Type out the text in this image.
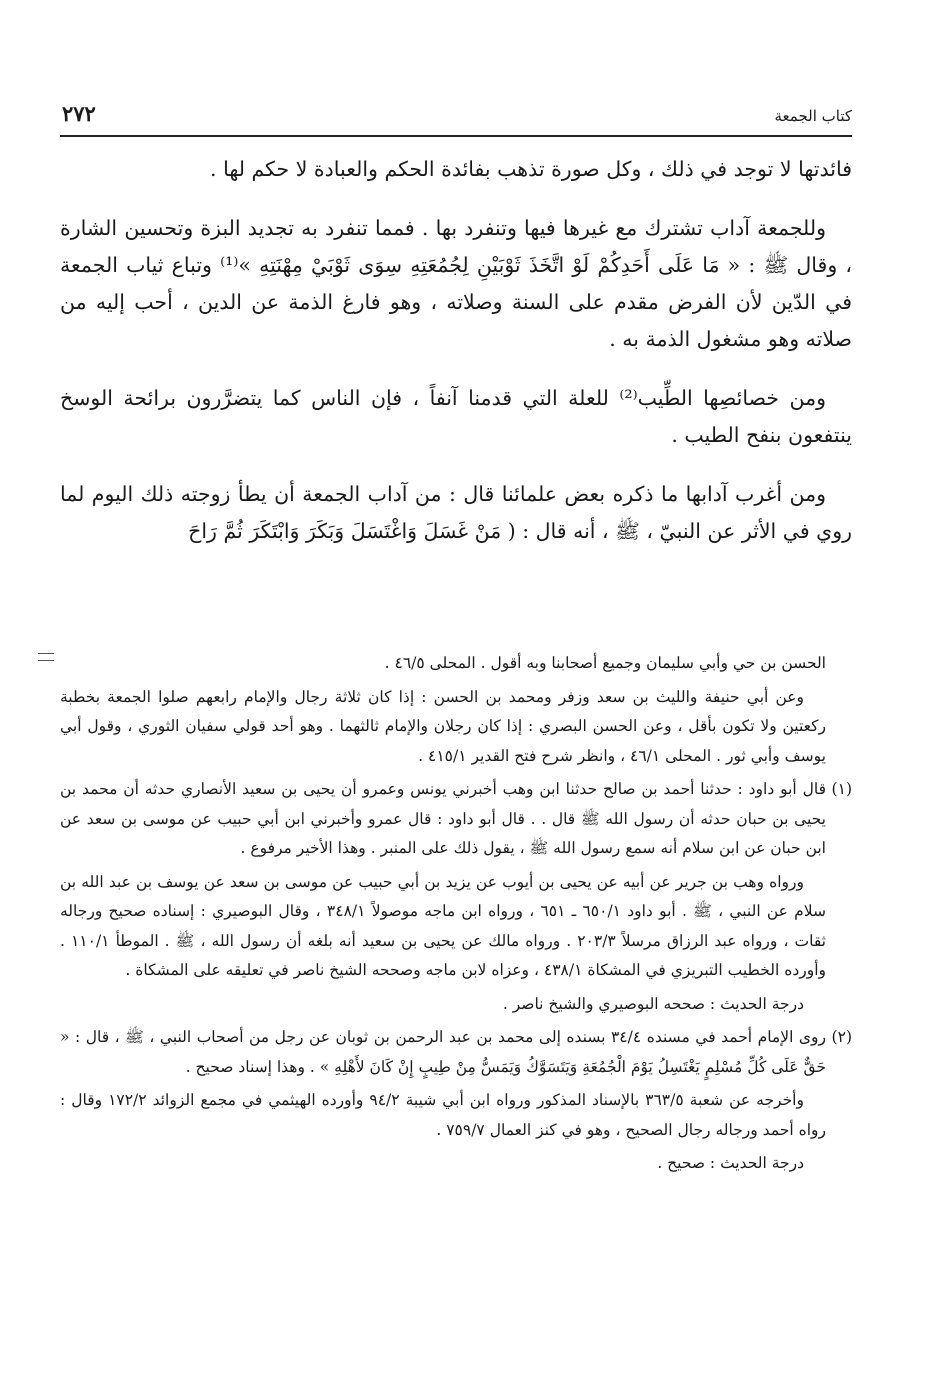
كتاب الجمعة
٢٧٢

فائدتها لا توجد في ذلك ، وكل صورة تذهب بفائدة الحكم والعبادة لا حكم لها .

وللجمعة آداب تشترك مع غيرها فيها وتنفرد بها . فمما تنفرد به تجديد البزة وتحسين الشارة ، وقال ﷺ : « مَا عَلَى أَحَدِكُمْ لَوْ اتَّخَذَ ثَوْبَيْنِ لِجُمُعَتِهِ سِوَى ثَوْبَيْ مِهْنَتِهِ »⁽¹⁾ وتباع ثياب الجمعة في الدّين لأن الفرض مقدم على السنة وصلاته ، وهو فارغ الذمة عن الدين ، أحب إليه من صلاته وهو مشغول الذمة به .

ومن خصائصِها الطِّيب⁽²⁾ للعلة التي قدمنا آنفاً ، فإن الناس كما يتضرَّرون برائحة الوسخ ينتفعون بنفح الطيب .

ومن أغرب آدابها ما ذكره بعض علمائنا قال : من آداب الجمعة أن يطأ زوجته ذلك اليوم لما روي في الأثر عن النبيّ ، ﷺ ، أنه قال : ( مَنْ غَسَلَ وَاغْتَسَلَ وَبَكَرَ وَابْتَكَرَ ثُمَّ رَاحَ

الحسن بن حي وأبي سليمان وجميع أصحابنا وبه أقول . المحلى ٤٦/٥ .

وعن أبي حنيفة والليث بن سعد وزفر ومحمد بن الحسن : إذا كان ثلاثة رجال والإمام رابعهم صلوا الجمعة بخطبة ركعتين ولا تكون بأقل ، وعن الحسن البصري : إذا كان رجلان والإمام ثالثهما . وهو أحد قولي سفيان الثوري ، وقول أبي يوسف وأبي ثور . المحلى ٤٦/١ ، وانظر شرح فتح القدير ٤١٥/١ .

(١)قال أبو داود : حدثنا أحمد بن صالح حدثنا ابن وهب أخبرني يونس وعمرو أن يحيى بن سعيد الأنصاري حدثه أن محمد بن يحيى بن حبان حدثه أن رسول الله ﷺ قال . . قال أبو داود : قال عمرو وأخبرني ابن أبي حبيب عن موسى بن سعد عن ابن حبان عن ابن سلام أنه سمع رسول الله ﷺ ، يقول ذلك على المنبر . وهذا الأخير مرفوع .

ورواه وهب بن جرير عن أبيه عن يحيى بن أيوب عن يزيد بن أبي حبيب عن موسى بن سعد عن يوسف بن عبد الله بن سلام عن النبي ، ﷺ . أبو داود ٦٥٠/١ ـ ٦٥١ ، ورواه ابن ماجه موصولاً ٣٤٨/١ ، وقال البوصيري : إسناده صحيح ورجاله ثقات ، ورواه عبد الرزاق مرسلاً ٢٠٣/٣ . ورواه مالك عن يحيى بن سعيد أنه بلغه أن رسول الله ، ﷺ . الموطأ ١١٠/١ . وأورده الخطيب التبريزي في المشكاة ٤٣٨/١ ، وعزاه لابن ماجه وصححه الشيخ ناصر في تعليقه على المشكاة .

درجة الحديث : صححه البوصيري والشيخ ناصر .

(٢)روى الإمام أحمد في مسنده ٣٤/٤ بسنده إلى محمد بن عبد الرحمن بن ثوبان عن رجل من أصحاب النبي ، ﷺ ، قال : « حَقٌّ عَلَى كُلِّ مُسْلِمٍ يَغْتَسِلُ يَوْمَ الْجُمُعَةِ وَيَتَسَوَّكُ وَيَمَسُّ مِنْ طِيبٍ إِنْ كَانَ لأَهْلِهِ » . وهذا إسناد صحيح .

وأخرجه عن شعبة ٣٦٣/٥ بالإسناد المذكور ورواه ابن أبي شيبة ٩٤/٢ وأورده الهيثمي في مجمع الزوائد ١٧٢/٢ وقال : رواه أحمد ورجاله رجال الصحيح ، وهو في كنز العمال ٧٥٩/٧ .

درجة الحديث : صحيح .
